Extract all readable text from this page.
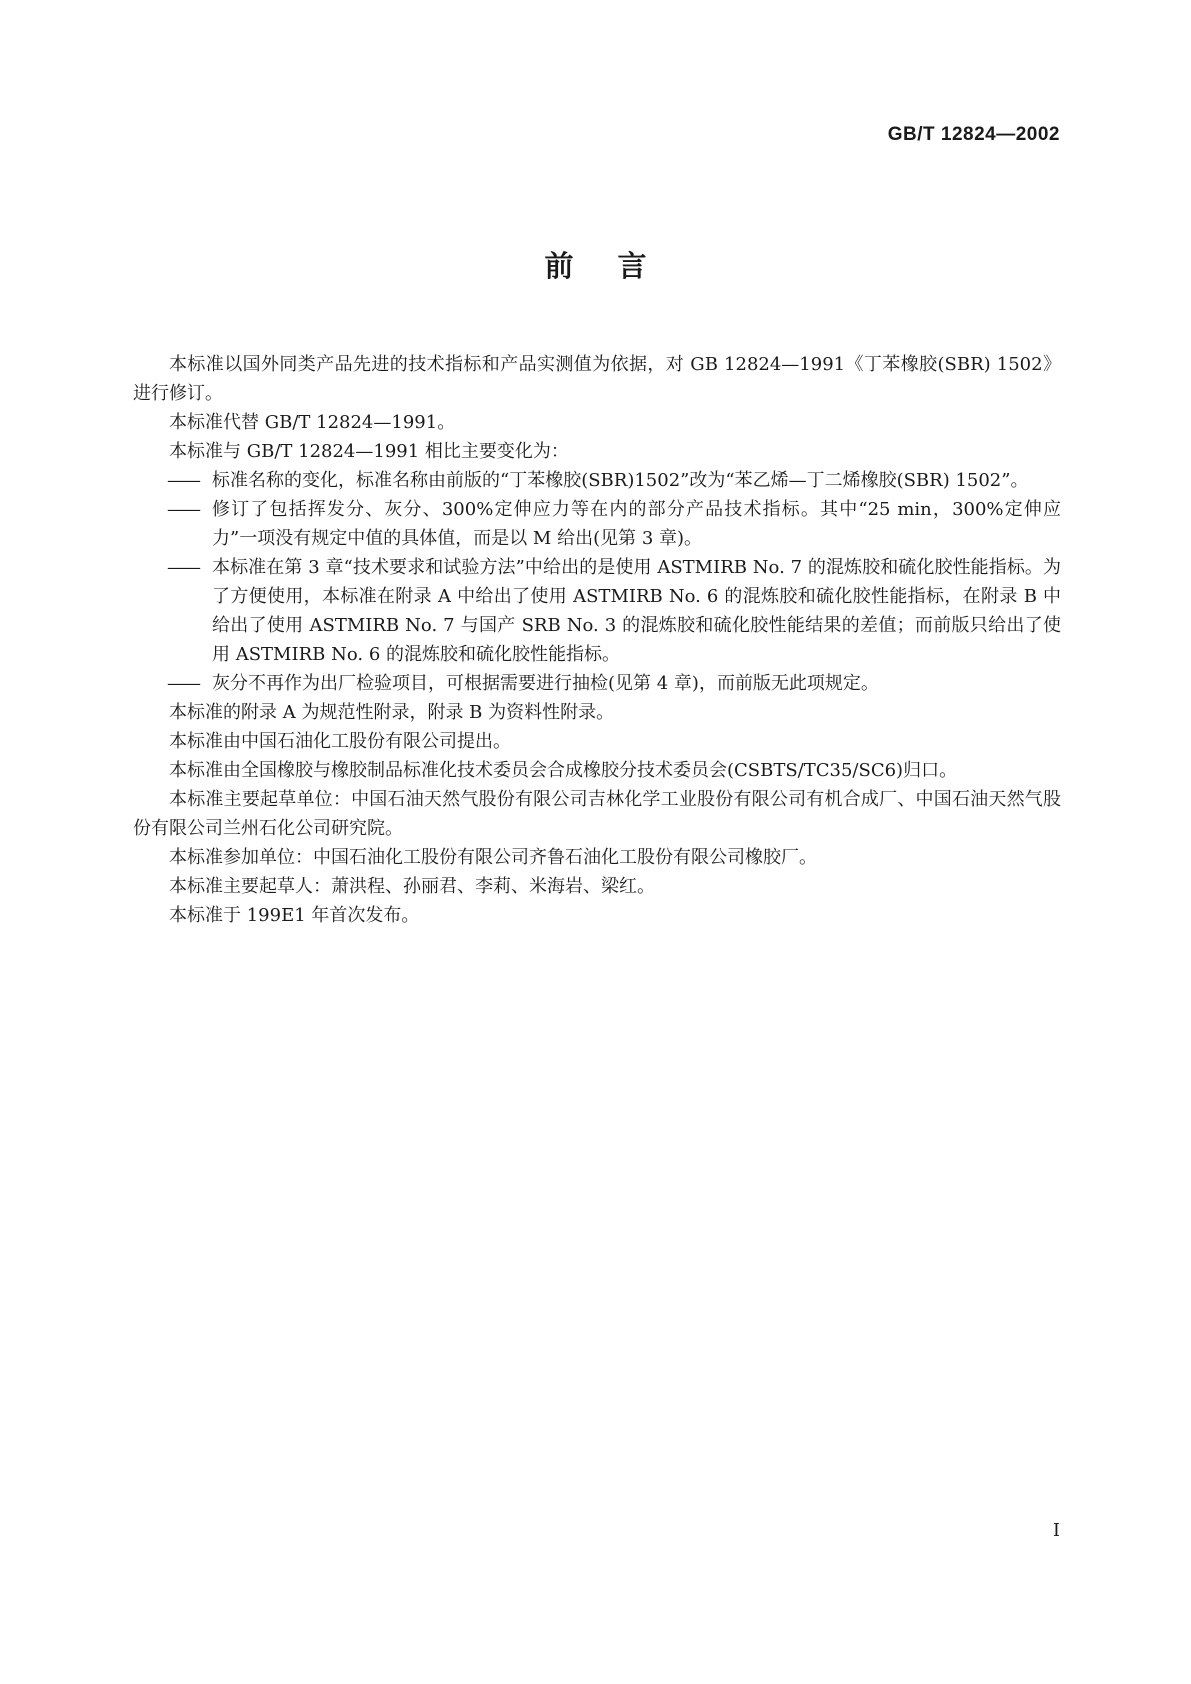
GB/T 12824—2002
前言

本标准以国外同类产品先进的技术指标和产品实测值为依据，对 GB 12824—1991《丁苯橡胶(SBR) 1502》进行修订。

本标准代替 GB/T 12824—1991。

本标准与 GB/T 12824—1991 相比主要变化为：

—— 标准名称的变化，标准名称由前版的“丁苯橡胶(SBR)1502”改为“苯乙烯—丁二烯橡胶(SBR) 1502”。
—— 修订了包括挥发分、灰分、300%定伸应力等在内的部分产品技术指标。其中“25 min，300%定伸应力”一项没有规定中值的具体值，而是以 M 给出(见第 3 章)。
—— 本标准在第 3 章“技术要求和试验方法”中给出的是使用 ASTMIRB No. 7 的混炼胶和硫化胶性能指标。为了方便使用，本标准在附录 A 中给出了使用 ASTMIRB No. 6 的混炼胶和硫化胶性能指标，在附录 B 中给出了使用 ASTMIRB No. 7 与国产 SRB No. 3 的混炼胶和硫化胶性能结果的差值；而前版只给出了使用 ASTMIRB No. 6 的混炼胶和硫化胶性能指标。
—— 灰分不再作为出厂检验项目，可根据需要进行抽检(见第 4 章)，而前版无此项规定。

本标准的附录 A 为规范性附录，附录 B 为资料性附录。

本标准由中国石油化工股份有限公司提出。

本标准由全国橡胶与橡胶制品标准化技术委员会合成橡胶分技术委员会(CSBTS/TC35/SC6)归口。

本标准主要起草单位：中国石油天然气股份有限公司吉林化学工业股份有限公司有机合成厂、中国石油天然气股份有限公司兰州石化公司研究院。

本标准参加单位：中国石油化工股份有限公司齐鲁石油化工股份有限公司橡胶厂。

本标准主要起草人：萧洪程、孙丽君、李莉、米海岩、梁红。

本标准于 199E1 年首次发布。

I
